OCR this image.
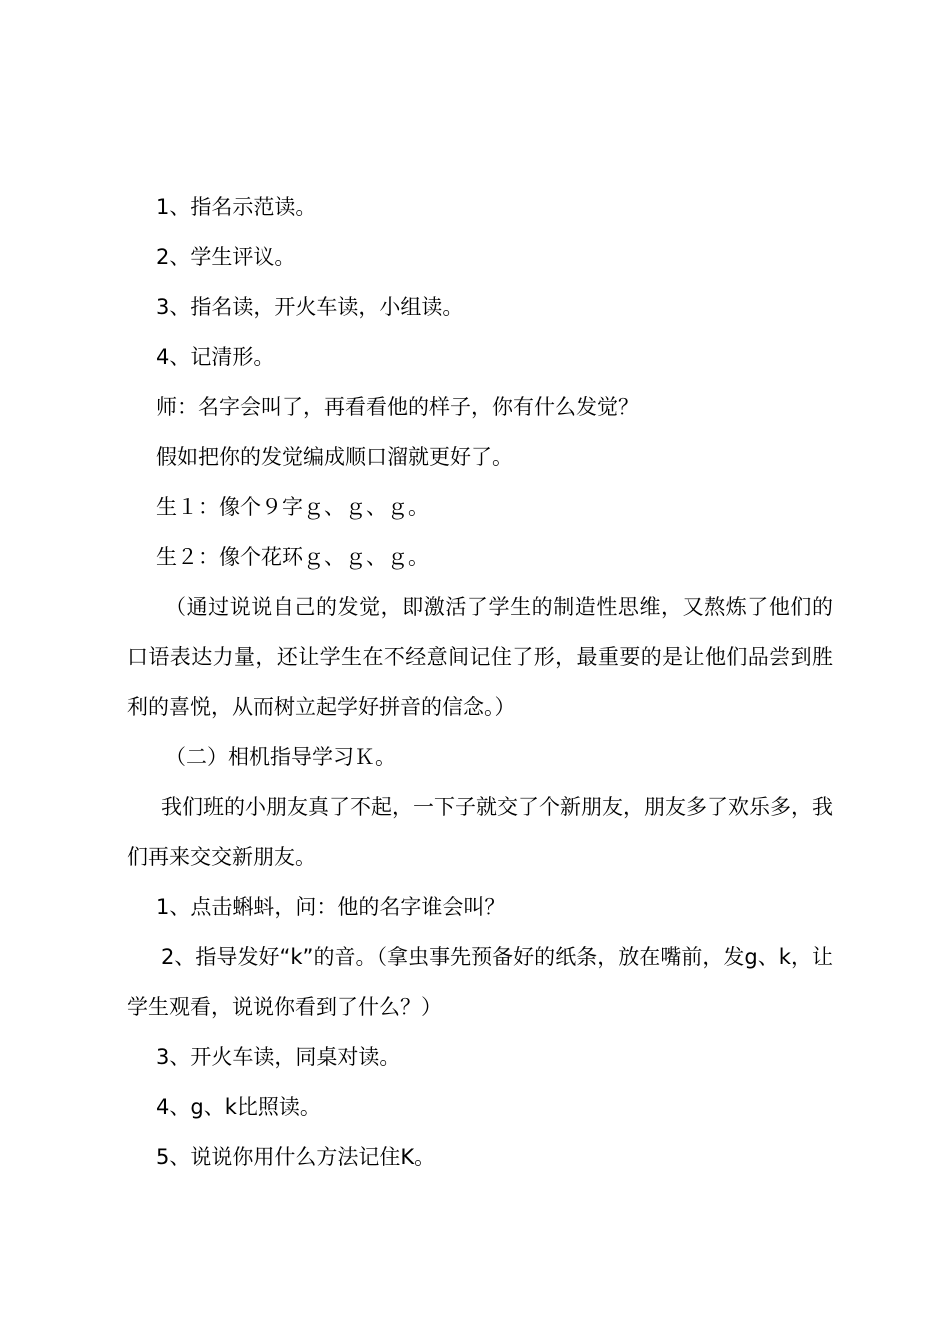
1、指名示范读。

2、学生评议。

3、指名读，开火车读，小组读。

4、记清形。

师：名字会叫了，再看看他的样子，你有什么发觉？

假如把你的发觉编成顺口溜就更好了。

生１：像个９字ｇ、ｇ、ｇ。

生２：像个花环ｇ、ｇ、ｇ。

（通过说说自己的发觉，即激活了学生的制造性思维，又熬炼了他们的口语表达力量，还让学生在不经意间记住了形，最重要的是让他们品尝到胜利的喜悦，从而树立起学好拼音的信念。）

（二）相机指导学习Ｋ。

我们班的小朋友真了不起，一下子就交了个新朋友，朋友多了欢乐多，我们再来交交新朋友。

1、点击蝌蚪，问：他的名字谁会叫？

2、指导发好“k”的音。（拿虫事先预备好的纸条，放在嘴前，发g、k，让学生观看，说说你看到了什么？）

3、开火车读，同桌对读。

4、g、k比照读。

5、说说你用什么方法记住K。
